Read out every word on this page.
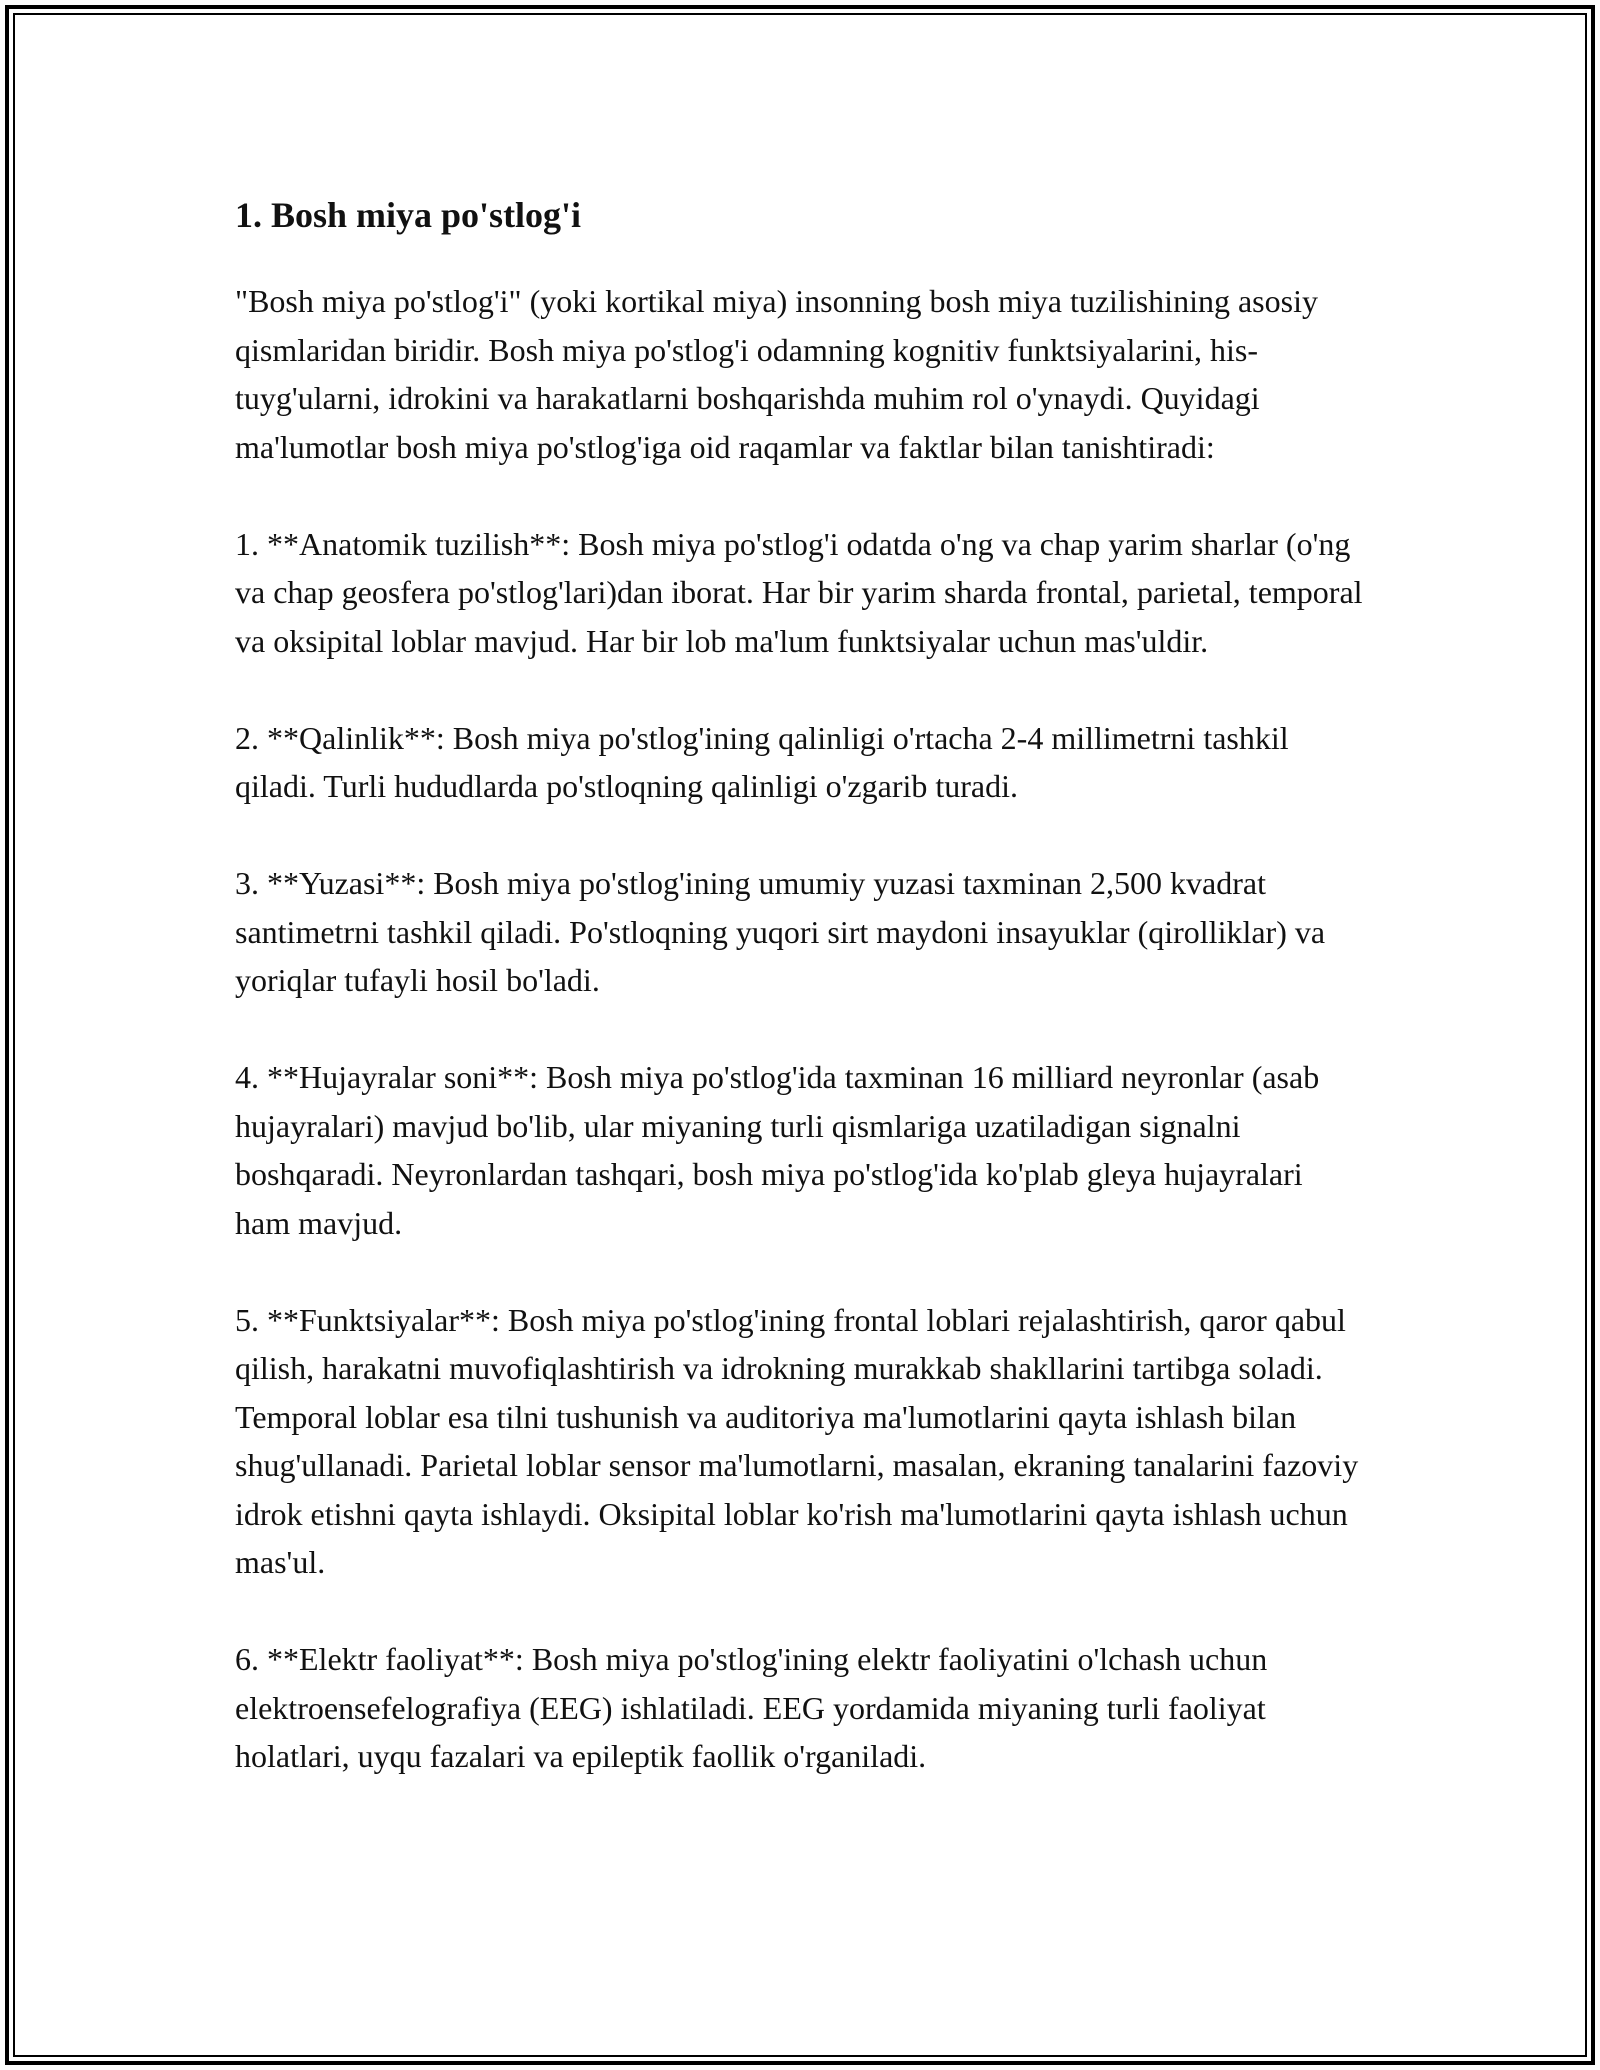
1. Bosh miya po'stlog'i

"Bosh miya po'stlog'i" (yoki kortikal miya) insonning bosh miya tuzilishining asosiy qismlaridan biridir. Bosh miya po'stlog'i odamning kognitiv funktsiyalarini, his-tuyg'ularni, idrokini va harakatlarni boshqarishda muhim rol o'ynaydi. Quyidagi ma'lumotlar bosh miya po'stlog'iga oid raqamlar va faktlar bilan tanishtiradi:

1. **Anatomik tuzilish**: Bosh miya po'stlog'i odatda o'ng va chap yarim sharlar (o'ng va chap geosfera po'stlog'lari)dan iborat. Har bir yarim sharda frontal, parietal, temporal va oksipital loblar mavjud. Har bir lob ma'lum funktsiyalar uchun mas'uldir.

2. **Qalinlik**: Bosh miya po'stlog'ining qalinligi o'rtacha 2-4 millimetrni tashkil qiladi. Turli hududlarda po'stloqning qalinligi o'zgarib turadi.

3. **Yuzasi**: Bosh miya po'stlog'ining umumiy yuzasi taxminan 2,500 kvadrat santimetrni tashkil qiladi. Po'stloqning yuqori sirt maydoni insayuklar (qirolliklar) va yoriqlar tufayli hosil bo'ladi.

4. **Hujayralar soni**: Bosh miya po'stlog'ida taxminan 16 milliard neyronlar (asab hujayralari) mavjud bo'lib, ular miyaning turli qismlariga uzatiladigan signalni boshqaradi. Neyronlardan tashqari, bosh miya po'stlog'ida ko'plab gleya hujayralari ham mavjud.

5. **Funktsiyalar**: Bosh miya po'stlog'ining frontal loblari rejalashtirish, qaror qabul qilish, harakatni muvofiqlashtirish va idrokning murakkab shakllarini tartibga soladi. Temporal loblar esa tilni tushunish va auditoriya ma'lumotlarini qayta ishlash bilan shug'ullanadi. Parietal loblar sensor ma'lumotlarni, masalan, ekraning tanalarini fazoviy idrok etishni qayta ishlaydi. Oksipital loblar ko'rish ma'lumotlarini qayta ishlash uchun mas'ul.

6. **Elektr faoliyat**: Bosh miya po'stlog'ining elektr faoliyatini o'lchash uchun elektroensefelografiya (EEG) ishlatiladi. EEG yordamida miyaning turli faoliyat holatlari, uyqu fazalari va epileptik faollik o'rganiladi.
